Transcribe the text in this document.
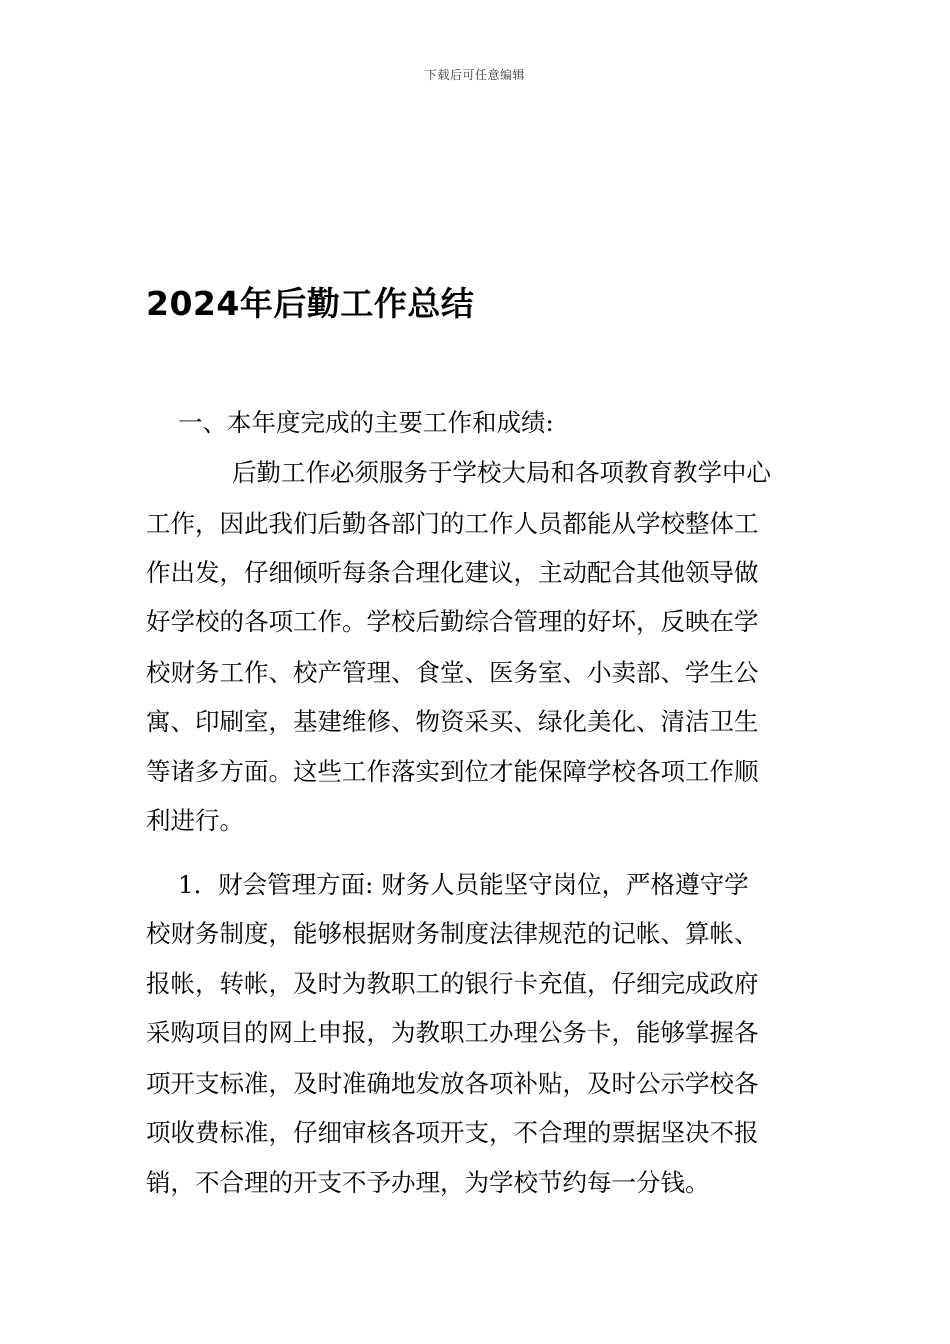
下载后可任意编辑
2024年后勤工作总结
一、本年度完成的主要工作和成绩:
后勤工作必须服务于学校大局和各项教育教学中心
工作，因此我们后勤各部门的工作人员都能从学校整体工
作出发，仔细倾听每条合理化建议，主动配合其他领导做
好学校的各项工作。学校后勤综合管理的好坏，反映在学
校财务工作、校产管理、食堂、医务室、小卖部、学生公
寓、印刷室，基建维修、物资采买、绿化美化、清洁卫生
等诸多方面。这些工作落实到位才能保障学校各项工作顺
利进行。
1．财会管理方面: 财务人员能坚守岗位，严格遵守学
校财务制度，能够根据财务制度法律规范的记帐、算帐、
报帐，转帐，及时为教职工的银行卡充值，仔细完成政府
采购项目的网上申报，为教职工办理公务卡，能够掌握各
项开支标准，及时准确地发放各项补贴，及时公示学校各
项收费标准，仔细审核各项开支，不合理的票据坚决不报
销，不合理的开支不予办理，为学校节约每一分钱。
